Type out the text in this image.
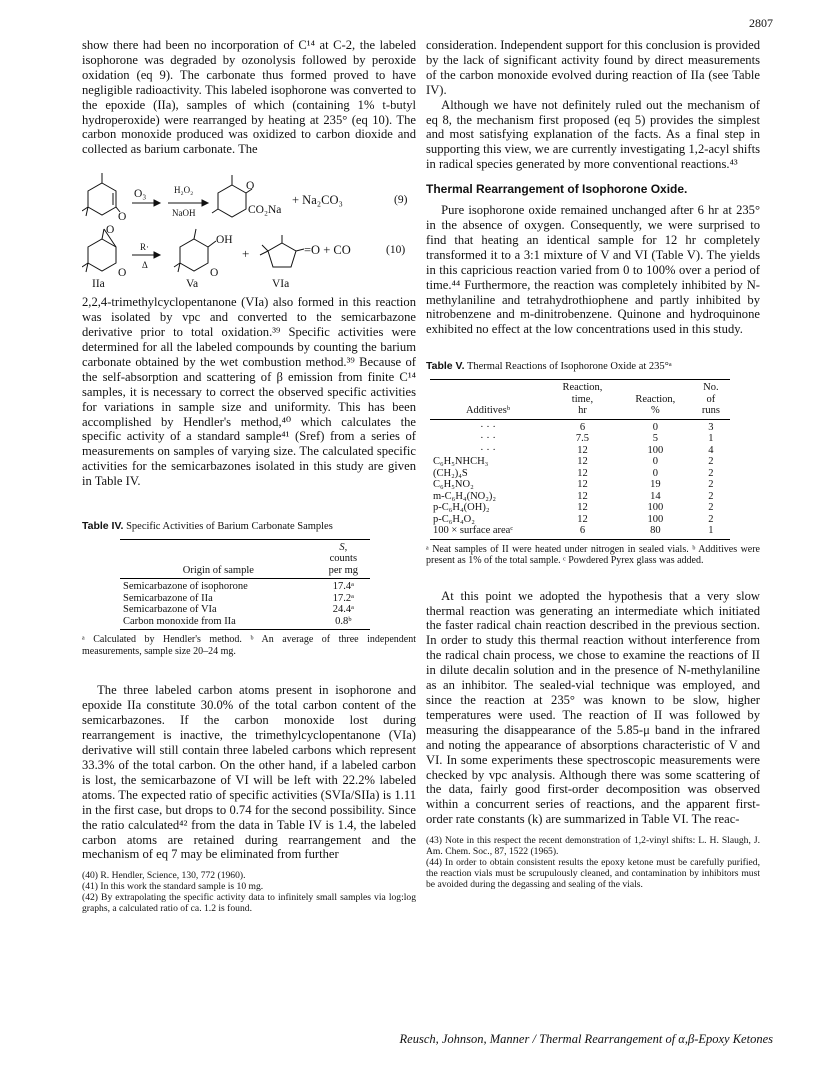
2807

show there had been no incorporation of C¹⁴ at C-2, the labeled isophorone was degraded by ozonolysis followed by peroxide oxidation (eq 9). The carbonate thus formed proved to have negligible radioactivity. This labeled isophorone was converted to the epoxide (IIa), samples of which (containing 1% t-butyl hydroperoxide) were rearranged by heating at 235° (eq 10). The carbon monoxide produced was oxidized to carbon dioxide and collected as barium carbonate. The

O₃	H₂O₂
NaOH
O
O
CO₂Na
+ Na₂CO₃	(9)
O
O
R·
Δ
OH
O
+	=O + CO	(10)
IIa	Va	VIa

2,2,4-trimethylcyclopentanone (VIa) also formed in this reaction was isolated by vpc and converted to the semicarbazone derivative prior to total oxidation.³⁹ Specific activities were determined for all the labeled compounds by counting the barium carbonate obtained by the wet combustion method.³⁹ Because of the self-absorption and scattering of β emission from finite C¹⁴ samples, it is necessary to correct the observed specific activities for variations in sample size and uniformity. This has been accomplished by Hendler's method,⁴⁰ which calculates the specific activity of a standard sample⁴¹ (Sref) from a series of measurements on samples of varying size. The calculated specific activities for the semicarbazones isolated in this study are given in Table IV.

Table IV. Specific Activities of Barium Carbonate Samples
Origin of sample	S,
counts
per mg

Semicarbazone of isophorone	17.4ᵃ
Semicarbazone of IIa	17.2ᵃ
Semicarbazone of VIa	24.4ᵃ
Carbon monoxide from IIa	0.8ᵇ
ᵃ Calculated by Hendler's method. ᵇ An average of three independent measurements, sample size 20–24 mg.

The three labeled carbon atoms present in isophorone and epoxide IIa constitute 30.0% of the total carbon content of the semicarbazones. If the carbon monoxide lost during rearrangement is inactive, the trimethylcyclopentanone (VIa) derivative will still contain three labeled carbons which represent 33.3% of the total carbon. On the other hand, if a labeled carbon is lost, the semicarbazone of VI will be left with 22.2% labeled atoms. The expected ratio of specific activities (SVIa/SIIa) is 1.11 in the first case, but drops to 0.74 for the second possibility. Since the ratio calculated⁴² from the data in Table IV is 1.4, the labeled carbon atoms are retained during rearrangement and the mechanism of eq 7 may be eliminated from further

(40) R. Hendler, Science, 130, 772 (1960).
(41) In this work the standard sample is 10 mg.
(42) By extrapolating the specific activity data to infinitely small samples via log:log graphs, a calculated ratio of ca. 1.2 is found.

consideration. Independent support for this conclusion is provided by the lack of significant activity found by direct measurements of the carbon monoxide evolved during reaction of IIa (see Table IV).

Although we have not definitely ruled out the mechanism of eq 8, the mechanism first proposed (eq 5) provides the simplest and most satisfying explanation of the facts. As a final step in supporting this view, we are currently investigating 1,2-acyl shifts in radical species generated by more conventional reactions.⁴³

Thermal Rearrangement of Isophorone Oxide.

Pure isophorone oxide remained unchanged after 6 hr at 235° in the absence of oxygen. Consequently, we were surprised to find that heating an identical sample for 12 hr completely transformed it to a 3:1 mixture of V and VI (Table V). The yields in this capricious reaction varied from 0 to 100% over a period of time.⁴⁴ Furthermore, the reaction was completely inhibited by N-methylaniline and tetrahydrothiophene and partly inhibited by nitrobenzene and m-dinitrobenzene. Quinone and hydroquinone exhibited no effect at the low concentrations used in this study.

Table V. Thermal Reactions of Isophorone Oxide at 235°ᵃ
Additivesᵇ	Reaction,
time,
hr	Reaction,
%	No.
of
runs

· · ·	6	0	3
· · ·	7.5	5	1
· · ·	12	100	4
C₆H₅NHCH₃	12	0	2
(CH₂)₄S	12	0	2
C₆H₅NO₂	12	19	2
m-C₆H₄(NO₂)₂	12	14	2
p-C₆H₄(OH)₂	12	100	2
p-C₆H₄O₂	12	100	2
100 × surface areaᶜ	6	80	1
ᵃ Neat samples of II were heated under nitrogen in sealed vials. ᵇ Additives were present as 1% of the total sample. ᶜ Powdered Pyrex glass was added.

At this point we adopted the hypothesis that a very slow thermal reaction was generating an intermediate which initiated the faster radical chain reaction described in the previous section. In order to study this thermal reaction without interference from the radical chain process, we chose to examine the reactions of II in dilute decalin solution and in the presence of N-methylaniline as an inhibitor. The sealed-vial technique was employed, and since the reaction at 235° was known to be slow, higher temperatures were used. The reaction of II was followed by measuring the disappearance of the 5.85-μ band in the infrared and noting the appearance of absorptions characteristic of V and VI. In some experiments these spectroscopic measurements were checked by vpc analysis. Although there was some scattering of the data, fairly good first-order decomposition was observed within a concurrent series of reactions, and the apparent first-order rate constants (k) are summarized in Table VI. The reac-

(43) Note in this respect the recent demonstration of 1,2-vinyl shifts: L. H. Slaugh, J. Am. Chem. Soc., 87, 1522 (1965).
(44) In order to obtain consistent results the epoxy ketone must be carefully purified, the reaction vials must be scrupulously cleaned, and contamination by inhibitors must be avoided during the degassing and sealing of the vials.
Reusch, Johnson, Manner / Thermal Rearrangement of α,β-Epoxy Ketones
